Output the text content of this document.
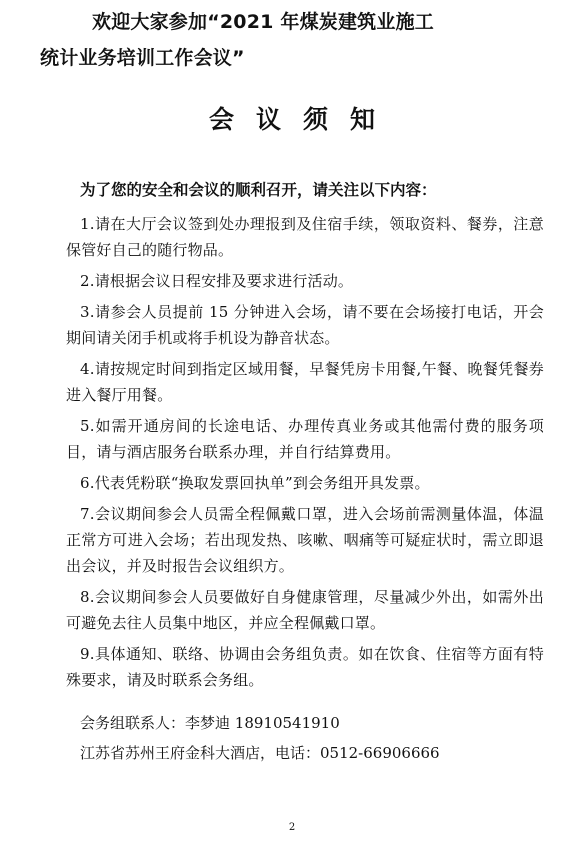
欢迎大家参加“2021 年煤炭建筑业施工
统计业务培训工作会议”
会议须知
为了您的安全和会议的顺利召开，请关注以下内容：

1.请在大厅会议签到处办理报到及住宿手续，领取资料、餐券，注意保管好自己的随行物品。

2.请根据会议日程安排及要求进行活动。

3.请参会人员提前 15 分钟进入会场，请不要在会场接打电话，开会期间请关闭手机或将手机设为静音状态。

4.请按规定时间到指定区域用餐，早餐凭房卡用餐,午餐、晚餐凭餐券进入餐厅用餐。

5.如需开通房间的长途电话、办理传真业务或其他需付费的服务项目，请与酒店服务台联系办理，并自行结算费用。

6.代表凭粉联“换取发票回执单”到会务组开具发票。

7.会议期间参会人员需全程佩戴口罩，进入会场前需测量体温，体温正常方可进入会场；若出现发热、咳嗽、咽痛等可疑症状时，需立即退出会议，并及时报告会议组织方。

8.会议期间参会人员要做好自身健康管理，尽量减少外出，如需外出可避免去往人员集中地区，并应全程佩戴口罩。

9.具体通知、联络、协调由会务组负责。如在饮食、住宿等方面有特殊要求，请及时联系会务组。

会务组联系人：李梦迪 18910541910
江苏省苏州王府金科大酒店，电话：0512-66906666
2
